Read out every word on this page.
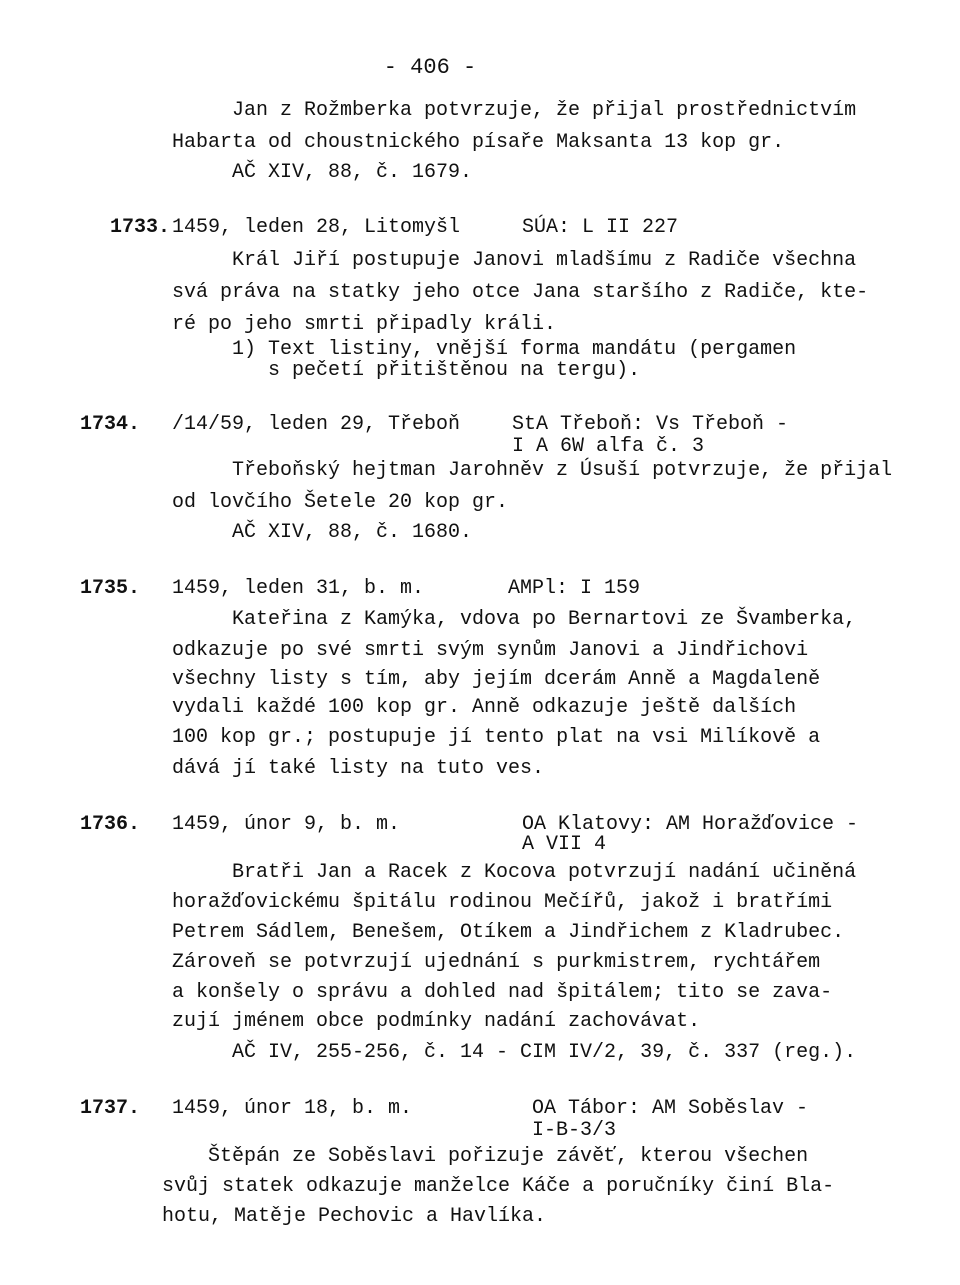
- 406 -
Jan z Rožmberka potvrzuje, že přijal prostřednictvím
Habarta od choustnického písaře Maksanta 13 kop gr.
AČ XIV, 88, č. 1679.
1733. 1459, leden 28, Litomyšl	SÚA: L II 227
Král Jiří postupuje Janovi mladšímu z Radiče všechna
svá práva na statky jeho otce Jana staršího z Radiče, kte-
ré po jeho smrti připadly králi.
1) Text listiny, vnější forma mandátu (pergamen
s pečetí přitištěnou na tergu).
1734. /14/59, leden 29, Třeboň	StA Třeboň: Vs Třeboň -
I A 6W alfa č. 3
Třeboňský hejtman Jarohněv z Úsuší potvrzuje, že přijal
od lovčího Šetele 20 kop gr.
AČ XIV, 88, č. 1680.
1735. 1459, leden 31, b. m.	AMPl: I 159
Kateřina z Kamýka, vdova po Bernartovi ze Švamberka,
odkazuje po své smrti svým synům Janovi a Jindřichovi
všechny listy s tím, aby jejím dcerám Anně a Magdaleně
vydali každé 100 kop gr. Anně odkazuje ještě dalších
100 kop gr.; postupuje jí tento plat na vsi Milíkově a
dává jí také listy na tuto ves.
1736. 1459, únor 9, b. m.	OA Klatovy: AM Horažďovice -
A VII 4
Bratři Jan a Racek z Kocova potvrzují nadání učiněná
horažďovickému špitálu rodinou Mečířů, jakož i bratřími
Petrem Sádlem, Benešem, Otíkem a Jindřichem z Kladrubec.
Zároveň se potvrzují ujednání s purkmistrem, rychtářem
a konšely o správu a dohled nad špitálem; tito se zava-
zují jménem obce podmínky nadání zachovávat.
AČ IV, 255-256, č. 14 - CIM IV/2, 39, č. 337 (reg.).
1737. 1459, únor 18, b. m.	OA Tábor: AM Soběslav -
I-B-3/3
Štěpán ze Soběslavi pořizuje závěť, kterou všechen
svůj statek odkazuje manželce Káče a poručníky činí Bla-
hotu, Matěje Pechovic a Havlíka.
